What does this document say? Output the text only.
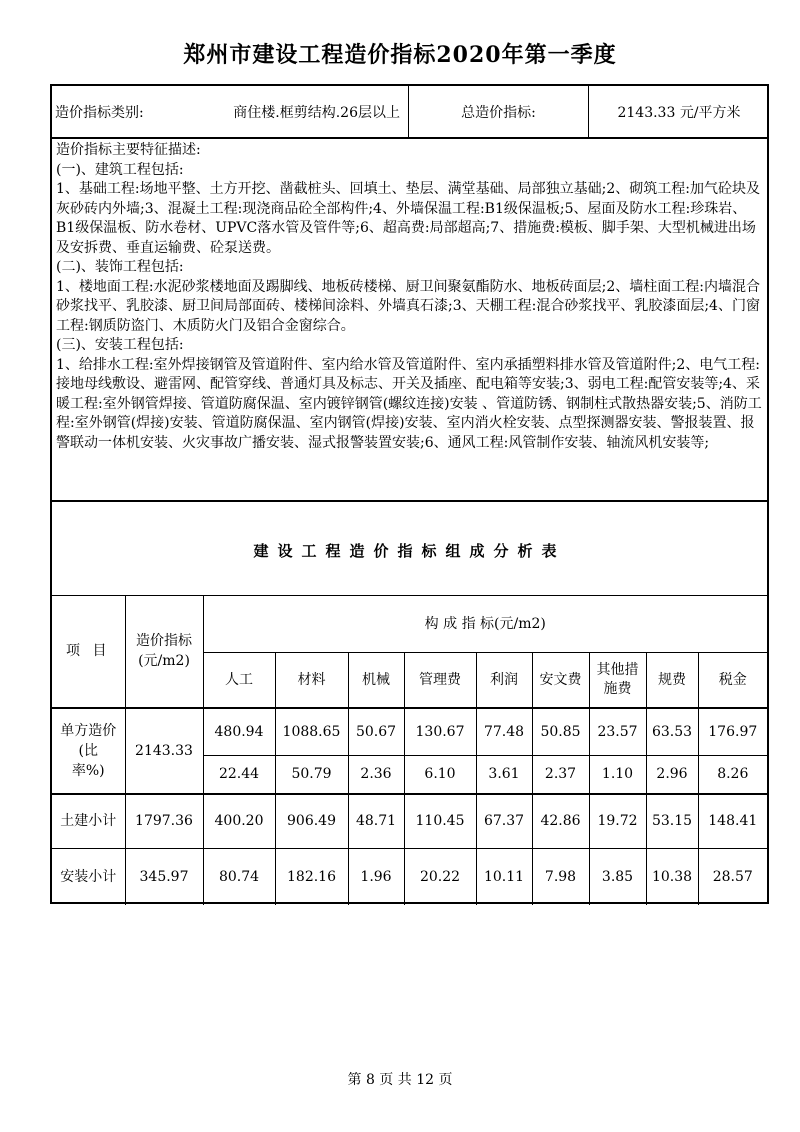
郑州市建设工程造价指标2020年第一季度
造价指标类别:	商住楼.框剪结构.26层以上	总造价指标:	2143.33 元/平方米

造价指标主要特征描述:

(一)、建筑工程包括:

1、基础工程:场地平整、土方开挖、凿截桩头、回填土、垫层、满堂基础、局部独立基础;2、砌筑工程:加气砼块及灰砂砖内外墙;3、混凝土工程:现浇商品砼全部构件;4、外墙保温工程:B1级保温板;5、屋面及防水工程:珍珠岩、B1级保温板、防水卷材、UPVC落水管及管件等;6、超高费:局部超高;7、措施费:模板、脚手架、大型机械进出场及安拆费、垂直运输费、砼泵送费。

(二)、装饰工程包括:

1、楼地面工程:水泥砂浆楼地面及踢脚线、地板砖楼梯、厨卫间聚氨酯防水、地板砖面层;2、墙柱面工程:内墙混合砂浆找平、乳胶漆、厨卫间局部面砖、楼梯间涂料、外墙真石漆;3、天棚工程:混合砂浆找平、乳胶漆面层;4、门窗工程:钢质防盗门、木质防火门及铝合金窗综合。

(三)、安装工程包括:

1、给排水工程:室外焊接钢管及管道附件、室内给水管及管道附件、室内承插塑料排水管及管道附件;2、电气工程:接地母线敷设、避雷网、配管穿线、普通灯具及标志、开关及插座、配电箱等安装;3、弱电工程:配管安装等;4、采暖工程:室外钢管焊接、管道防腐保温、室内镀锌钢管(螺纹连接)安装 、管道防锈、钢制柱式散热器安装;5、消防工程:室外钢管(焊接)安装、管道防腐保温、室内钢管(焊接)安装、室内消火栓安装、点型探测器安装、警报装置、报警联动一体机安装、火灾事故广播安装、湿式报警装置安装;6、通风工程:风管制作安装、轴流风机安装等;

建设工程造价指标组成分析表
项 目	造价指标
(元/m2)	构 成 指 标(元/m2)								
		人工	材料	机械	管理费	利润	安文费	其他措
施费	规费	税金
单方造价
(比
率%)	2143.33	480.94	1088.65	50.67	130.67	77.48	50.85	23.57	63.53	176.97
		22.44	50.79	2.36	6.10	3.61	2.37	1.10	2.96	8.26
土建小计	1797.36	400.20	906.49	48.71	110.45	67.37	42.86	19.72	53.15	148.41
安装小计	345.97	80.74	182.16	1.96	20.22	10.11	7.98	3.85	10.38	28.57
第 8 页 共 12 页
